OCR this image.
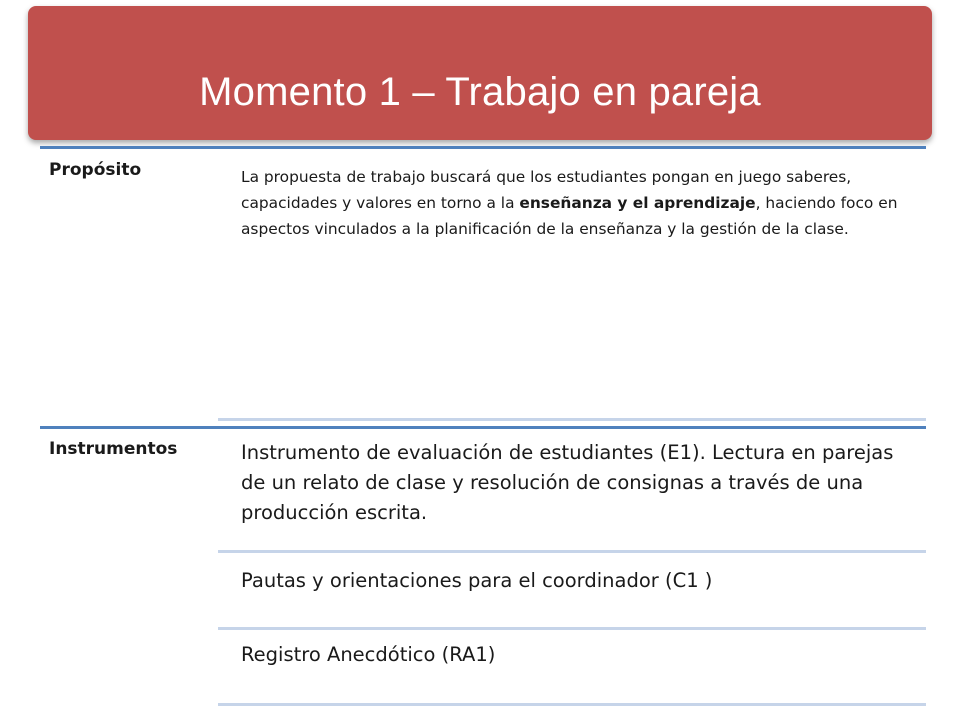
Momento 1 – Trabajo en pareja
Propósito	La propuesta de trabajo buscará que los estudiantes pongan en juego saberes, capacidades y valores en torno a la enseñanza y el aprendizaje, haciendo foco en aspectos vinculados a la planificación de la enseñanza y la gestión de la clase.
Instrumentos	Instrumento de evaluación de estudiantes (E1). Lectura en parejas de un relato de clase y resolución de consignas a través de una producción escrita.
Pautas y orientaciones para el coordinador (C1 )
Registro Anecdótico (RA1)
